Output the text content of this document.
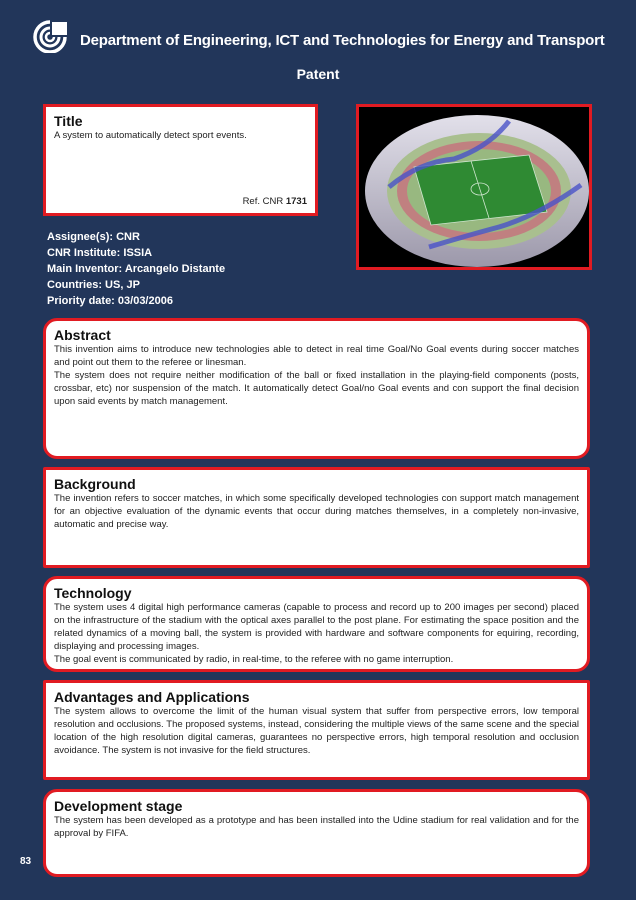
Department of Engineering, ICT and Technologies for Energy and Transport
Patent
Title

A system to automatically detect sport events.

Ref. CNR 1731
Assignee(s): CNR
CNR Institute: ISSIA
Main Inventor: Arcangelo Distante
Countries: US, JP
Priority date: 03/03/2006
Abstract

This invention aims to introduce new technologies able to detect in real time Goal/No Goal events during soccer matches and point out them to the referee or linesman.
The system does not require neither modification of the ball or fixed installation in the playing-field components (posts, crossbar, etc) nor suspension of the match. It automatically detect Goal/no Goal events and con support the final decision upon said events by match management.

Background

The invention refers to soccer matches, in which some specifically developed technologies con support match management for an objective evaluation of the dynamic events that occur during matches themselves, in a completely non-invasive, automatic and precise way.

Technology

The system uses 4 digital high performance cameras (capable to process and record up to 200 images per second) placed on the infrastructure of the stadium with the optical axes parallel to the post plane. For estimating the space position and the related dynamics of a moving ball, the system is provided with hardware and software components for equiring, recording, displaying and processing images.
The goal event is communicated by radio, in real-time, to the referee with no game interruption.

Advantages and Applications

The system allows to overcome the limit of the human visual system that suffer from perspective errors, low temporal resolution and occlusions. The proposed systems, instead, considering the multiple views of the same scene and the special location of the high resolution digital cameras, guarantees no perspective errors, high temporal resolution and occlusion avoidance. The system is not invasive for the field structures.

Development stage

The system has been developed as a prototype and has been installed into the Udine stadium for real validation and for the approval by FIFA.

83
